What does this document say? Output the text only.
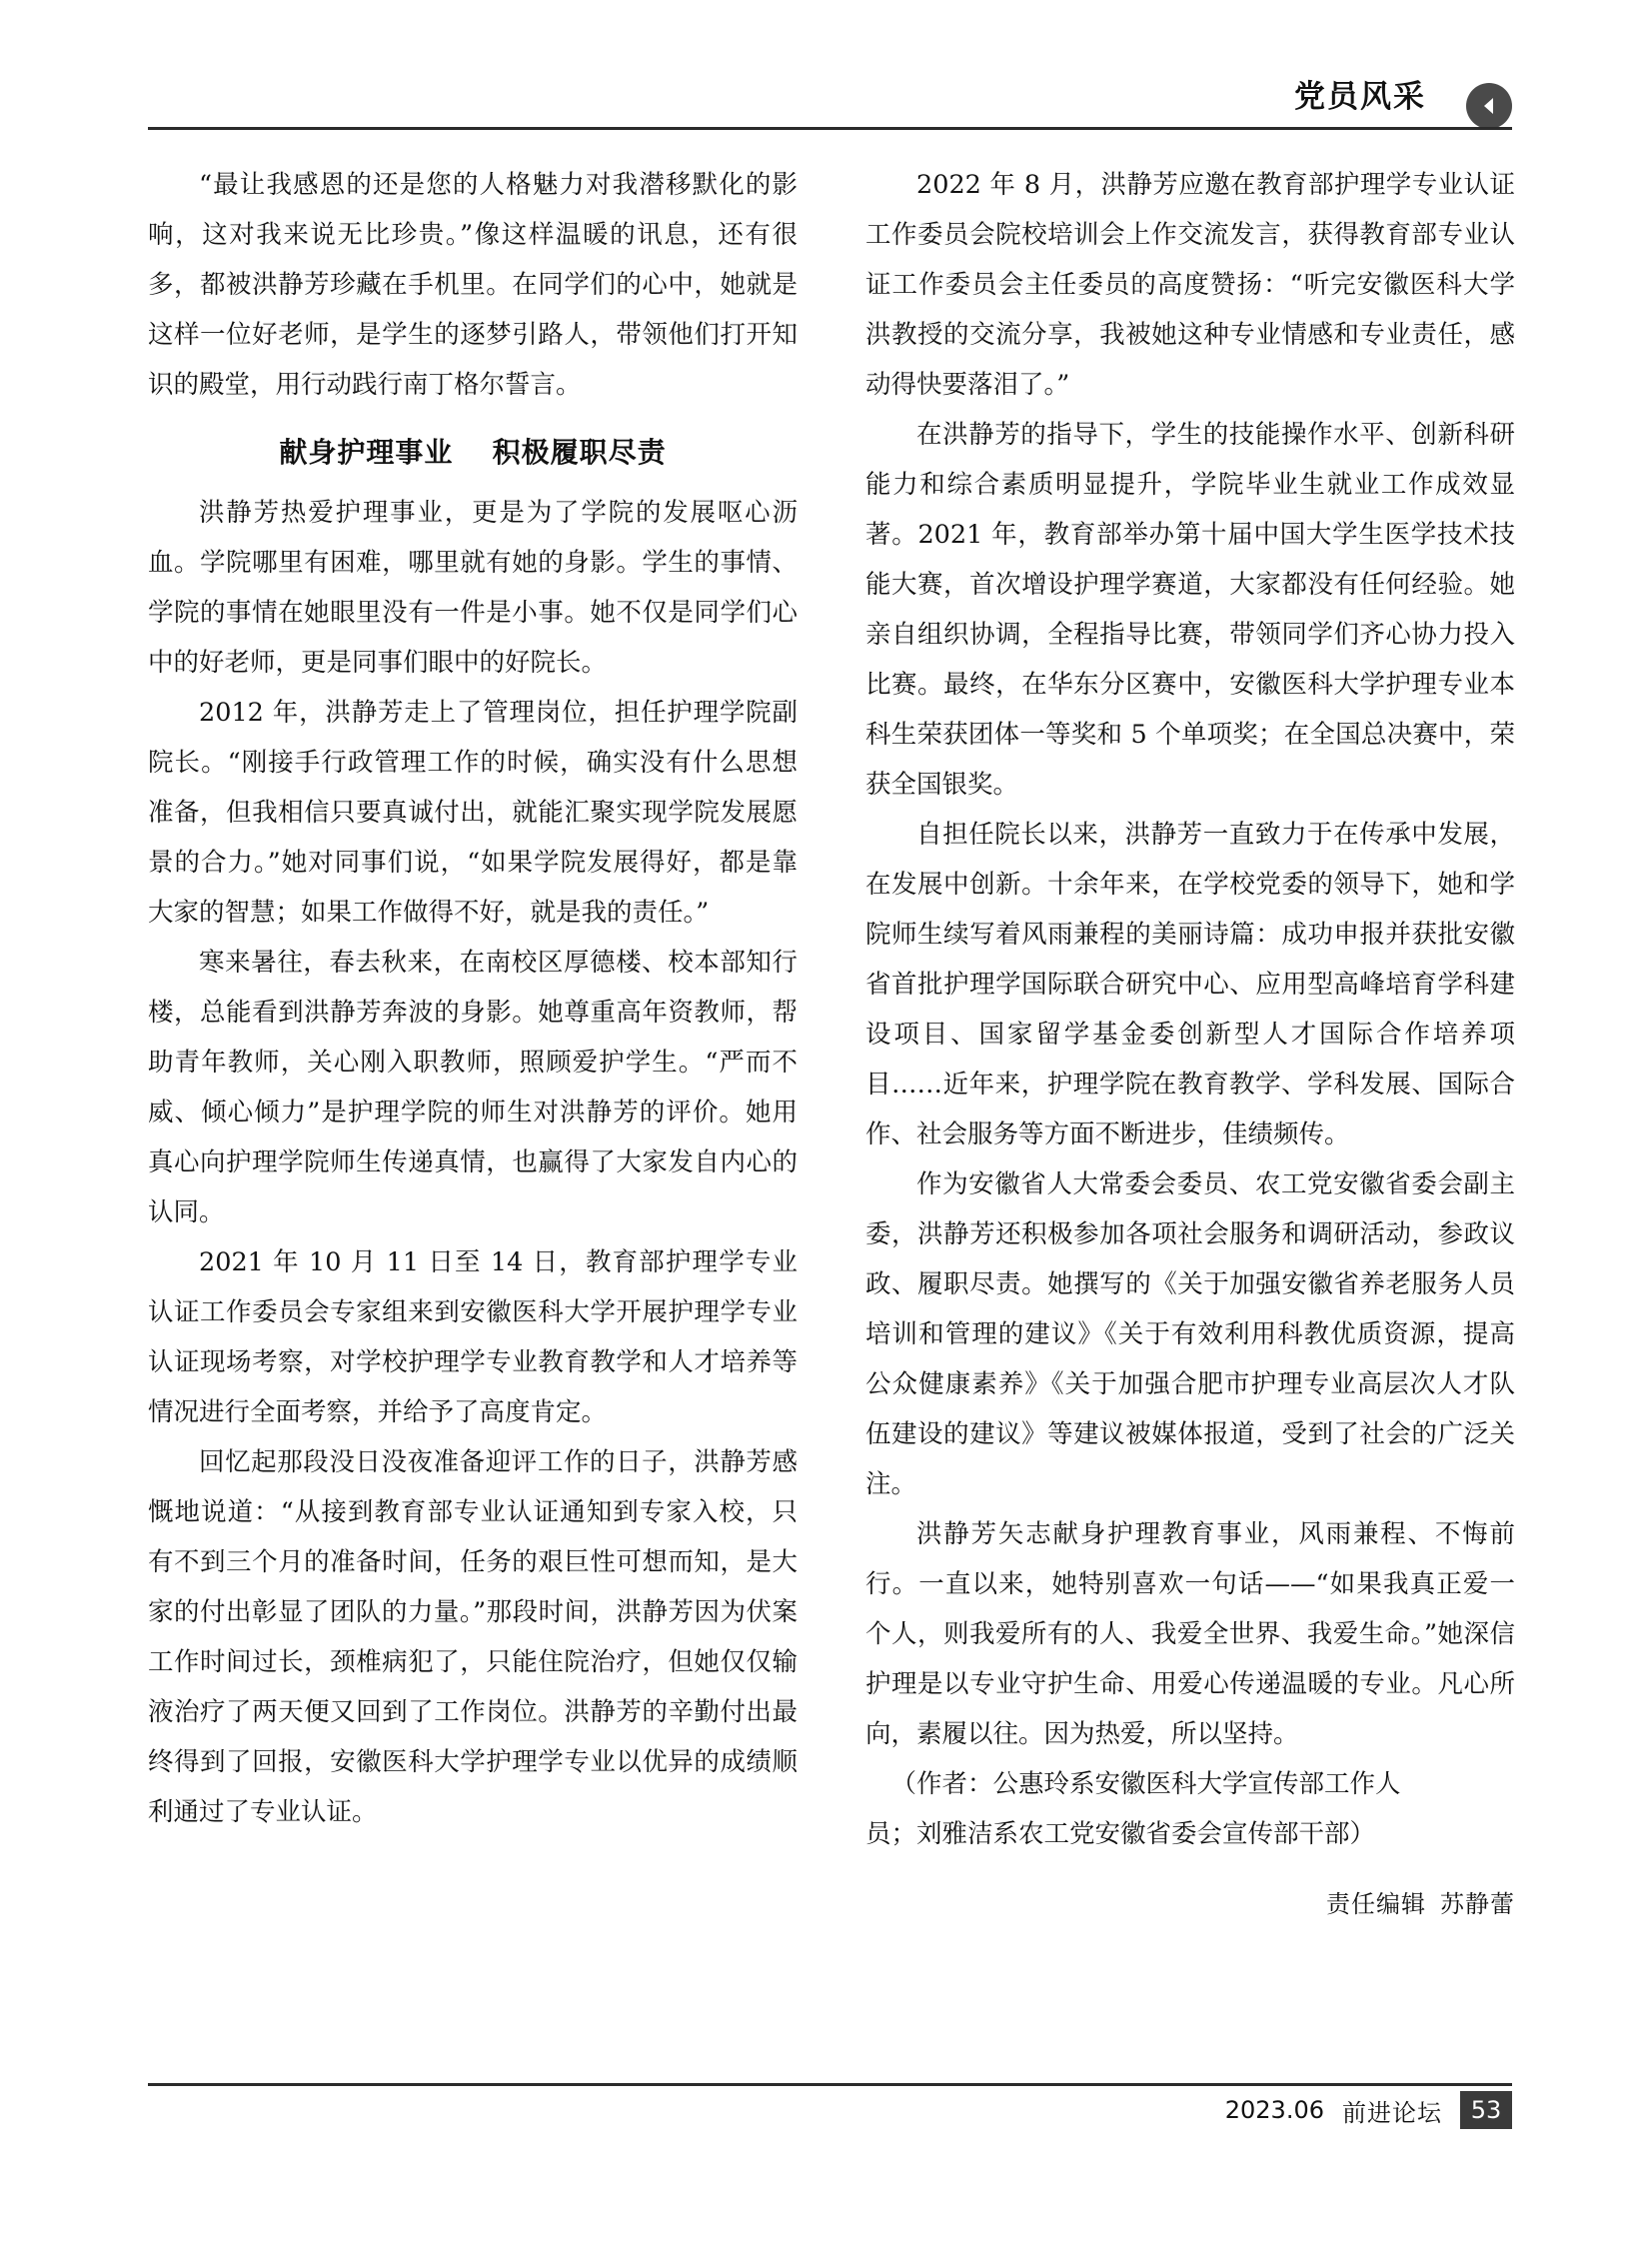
党员风采

“最让我感恩的还是您的人格魅力对我潜移默化的影响，这对我来说无比珍贵。”像这样温暖的讯息，还有很多，都被洪静芳珍藏在手机里。在同学们的心中，她就是这样一位好老师，是学生的逐梦引路人，带领他们打开知识的殿堂，用行动践行南丁格尔誓言。

献身护理事业 积极履职尽责

洪静芳热爱护理事业，更是为了学院的发展呕心沥血。学院哪里有困难，哪里就有她的身影。学生的事情、学院的事情在她眼里没有一件是小事。她不仅是同学们心中的好老师，更是同事们眼中的好院长。

2012 年，洪静芳走上了管理岗位，担任护理学院副院长。“刚接手行政管理工作的时候，确实没有什么思想准备，但我相信只要真诚付出，就能汇聚实现学院发展愿景的合力。”她对同事们说，“如果学院发展得好，都是靠大家的智慧；如果工作做得不好，就是我的责任。”

寒来暑往，春去秋来，在南校区厚德楼、校本部知行楼，总能看到洪静芳奔波的身影。她尊重高年资教师，帮助青年教师，关心刚入职教师，照顾爱护学生。“严而不威、倾心倾力”是护理学院的师生对洪静芳的评价。她用真心向护理学院师生传递真情，也赢得了大家发自内心的认同。

2021 年 10 月 11 日至 14 日，教育部护理学专业认证工作委员会专家组来到安徽医科大学开展护理学专业认证现场考察，对学校护理学专业教育教学和人才培养等情况进行全面考察，并给予了高度肯定。

回忆起那段没日没夜准备迎评工作的日子，洪静芳感慨地说道：“从接到教育部专业认证通知到专家入校，只有不到三个月的准备时间，任务的艰巨性可想而知，是大家的付出彰显了团队的力量。”那段时间，洪静芳因为伏案工作时间过长，颈椎病犯了，只能住院治疗，但她仅仅输液治疗了两天便又回到了工作岗位。洪静芳的辛勤付出最终得到了回报，安徽医科大学护理学专业以优异的成绩顺利通过了专业认证。

2022 年 8 月，洪静芳应邀在教育部护理学专业认证工作委员会院校培训会上作交流发言，获得教育部专业认证工作委员会主任委员的高度赞扬：“听完安徽医科大学洪教授的交流分享，我被她这种专业情感和专业责任，感动得快要落泪了。”

在洪静芳的指导下，学生的技能操作水平、创新科研能力和综合素质明显提升，学院毕业生就业工作成效显著。2021 年，教育部举办第十届中国大学生医学技术技能大赛，首次增设护理学赛道，大家都没有任何经验。她亲自组织协调，全程指导比赛，带领同学们齐心协力投入比赛。最终，在华东分区赛中，安徽医科大学护理专业本科生荣获团体一等奖和 5 个单项奖；在全国总决赛中，荣获全国银奖。

自担任院长以来，洪静芳一直致力于在传承中发展，在发展中创新。十余年来，在学校党委的领导下，她和学院师生续写着风雨兼程的美丽诗篇：成功申报并获批安徽省首批护理学国际联合研究中心、应用型高峰培育学科建设项目、国家留学基金委创新型人才国际合作培养项目……近年来，护理学院在教育教学、学科发展、国际合作、社会服务等方面不断进步，佳绩频传。

作为安徽省人大常委会委员、农工党安徽省委会副主委，洪静芳还积极参加各项社会服务和调研活动，参政议政、履职尽责。她撰写的《关于加强安徽省养老服务人员培训和管理的建议》《关于有效利用科教优质资源，提高公众健康素养》《关于加强合肥市护理专业高层次人才队伍建设的建议》等建议被媒体报道，受到了社会的广泛关注。

洪静芳矢志献身护理教育事业，风雨兼程、不悔前行。一直以来，她特别喜欢一句话——“如果我真正爱一个人，则我爱所有的人、我爱全世界、我爱生命。”她深信护理是以专业守护生命、用爱心传递温暖的专业。凡心所向，素履以往。因为热爱，所以坚持。

（作者：公惠玲系安徽医科大学宣传部工作人

员；刘雅洁系农工党安徽省委会宣传部干部）

责任编辑 苏静蕾
2023.06 前进论坛	53
